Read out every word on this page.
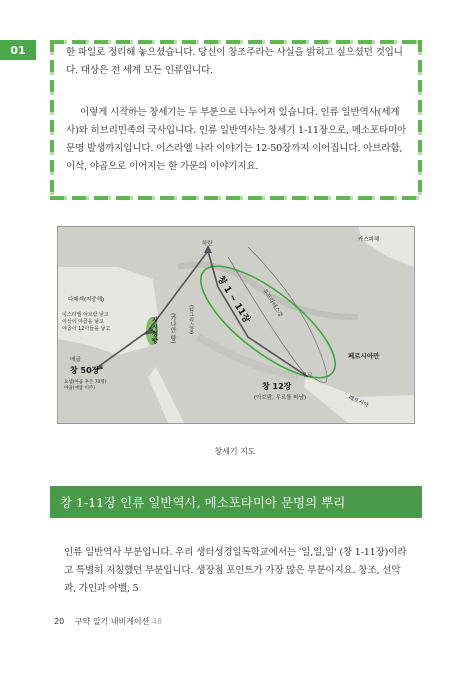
01	한 파일로 정리해 놓으셨습니다. 당신이 창조주라는 사실을 밝히고 싶으셨던 것입니다. 대상은 전 세계 모든 인류입니다.
이렇게 시작하는 창세기는 두 부분으로 나누어져 있습니다. 인류 일반역사(세계사)와 히브리민족의 국사입니다. 인류 일반역사는 창세기 1-11장으로, 메소포타미아 문명 발생까지입니다. 이스라엘 나라 이야기는 12-50장까지 이어집니다. 아브라함, 이삭, 야곱으로 이어지는 한 가문의 이야기지요.
카스피해
하란
다메섹(지중해)
이스라엘 아브람 낳고
이삭이 야곱을 낳고
야곱이 12아들을 낳고	(가나안 땅)
지
시
청
방
(티그리스강)
애굽
창 50장
요셉(아곱 후손 70명)
야곱(애굽 이주)
창 1 ~ 11장	유프라테스강
창 12장
(아브람, 우르를 떠남)
우르
페르시아만
페르시아
창세기 지도
창 1-11장 인류 일반역사, 메소포타미아 문명의 뿌리
인류 일반역사 부분입니다. 우리 생터성경일독학교에서는 '일,일,일' (창 1-11장)이라고 특별히 지칭했던 부분입니다. 생장점 포인트가 가장 많은 부분이지요. 창조, 선악과, 가인과 아벨, 5
20 구약 일기 내비게이션 48
